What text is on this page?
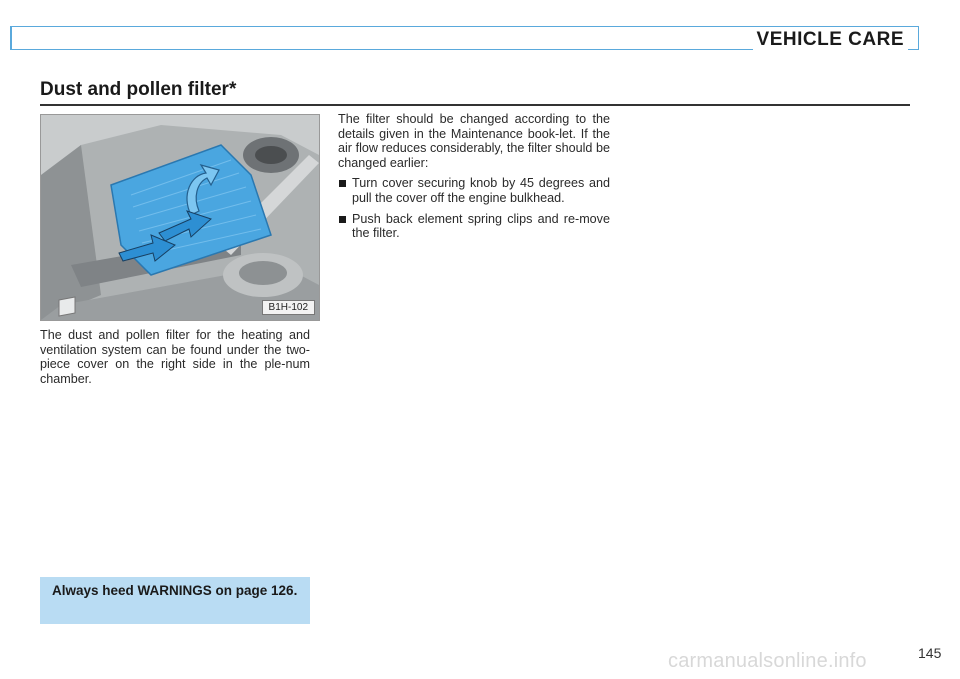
VEHICLE CARE
Dust and pollen filter*
B1H-102
The dust and pollen filter for the heating and ventilation system can be found under the two-piece cover on the right side in the ple-num chamber.

The filter should be changed according to the details given in the Maintenance book-let. If the air flow reduces considerably, the filter should be changed earlier:

Turn cover securing knob by 45 degrees and pull the cover off the engine bulkhead.

Push back element spring clips and re-move the filter.

Always heed WARNINGS on page 126.
carmanualsonline.info	145
